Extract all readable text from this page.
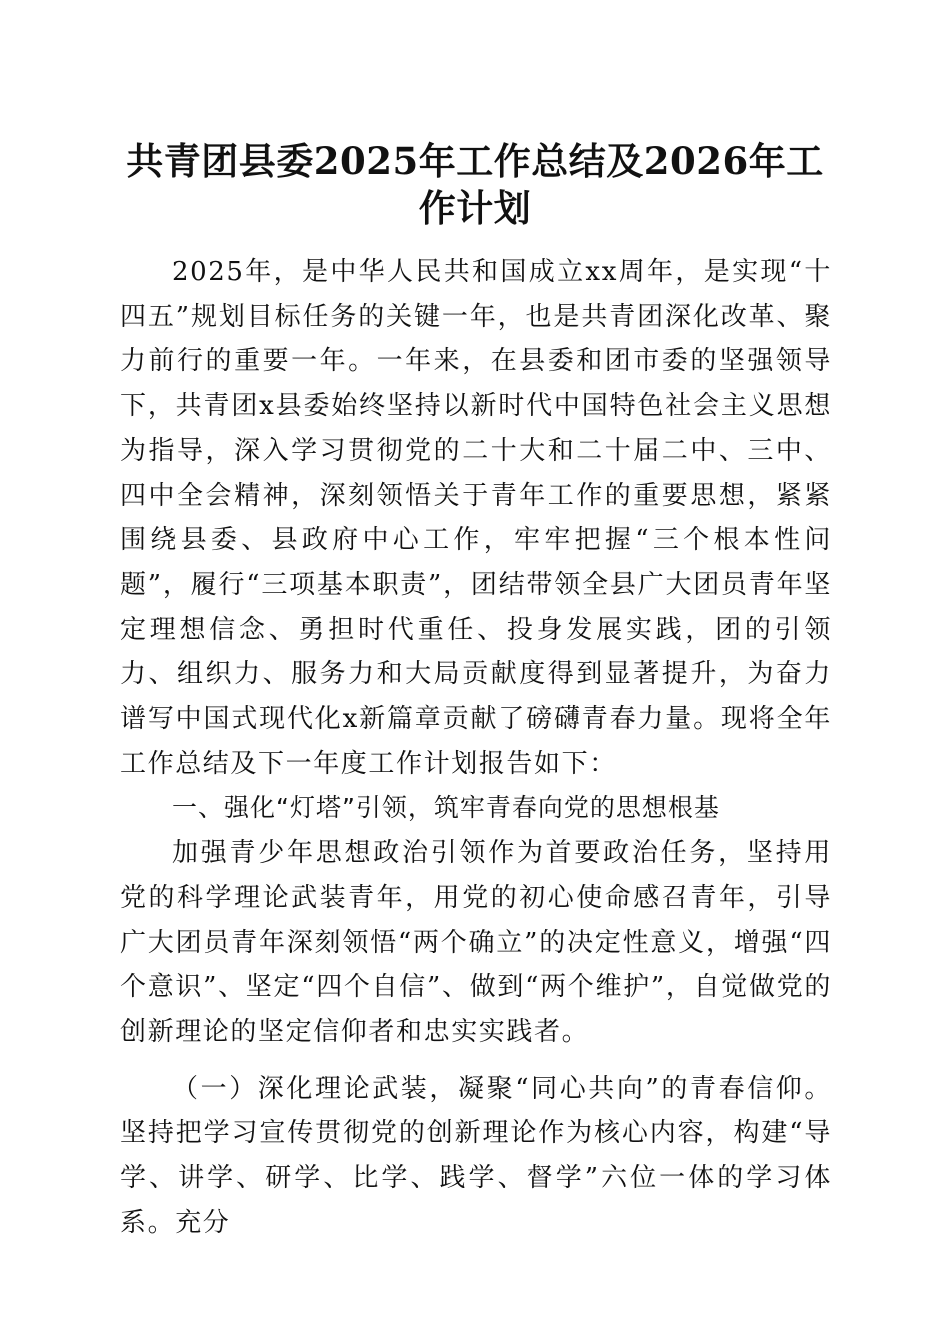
共青团县委2025年工作总结及2026年工作计划

2025年，是中华人民共和国成立xx周年，是实现“十四五”规划目标任务的关键一年，也是共青团深化改革、聚力前行的重要一年。一年来，在县委和团市委的坚强领导下，共青团x县委始终坚持以新时代中国特色社会主义思想为指导，深入学习贯彻党的二十大和二十届二中、三中、四中全会精神，深刻领悟关于青年工作的重要思想，紧紧围绕县委、县政府中心工作，牢牢把握“三个根本性问题”，履行“三项基本职责”，团结带领全县广大团员青年坚定理想信念、勇担时代重任、投身发展实践，团的引领力、组织力、服务力和大局贡献度得到显著提升，为奋力谱写中国式现代化x新篇章贡献了磅礴青春力量。现将全年工作总结及下一年度工作计划报告如下：

一、强化“灯塔”引领，筑牢青春向党的思想根基

加强青少年思想政治引领作为首要政治任务，坚持用党的科学理论武装青年，用党的初心使命感召青年，引导广大团员青年深刻领悟“两个确立”的决定性意义，增强“四个意识”、坚定“四个自信”、做到“两个维护”，自觉做党的创新理论的坚定信仰者和忠实实践者。

（一）深化理论武装，凝聚“同心共向”的青春信仰。坚持把学习宣传贯彻党的创新理论作为核心内容，构建“导学、讲学、研学、比学、践学、督学”六位一体的学习体系。充分
